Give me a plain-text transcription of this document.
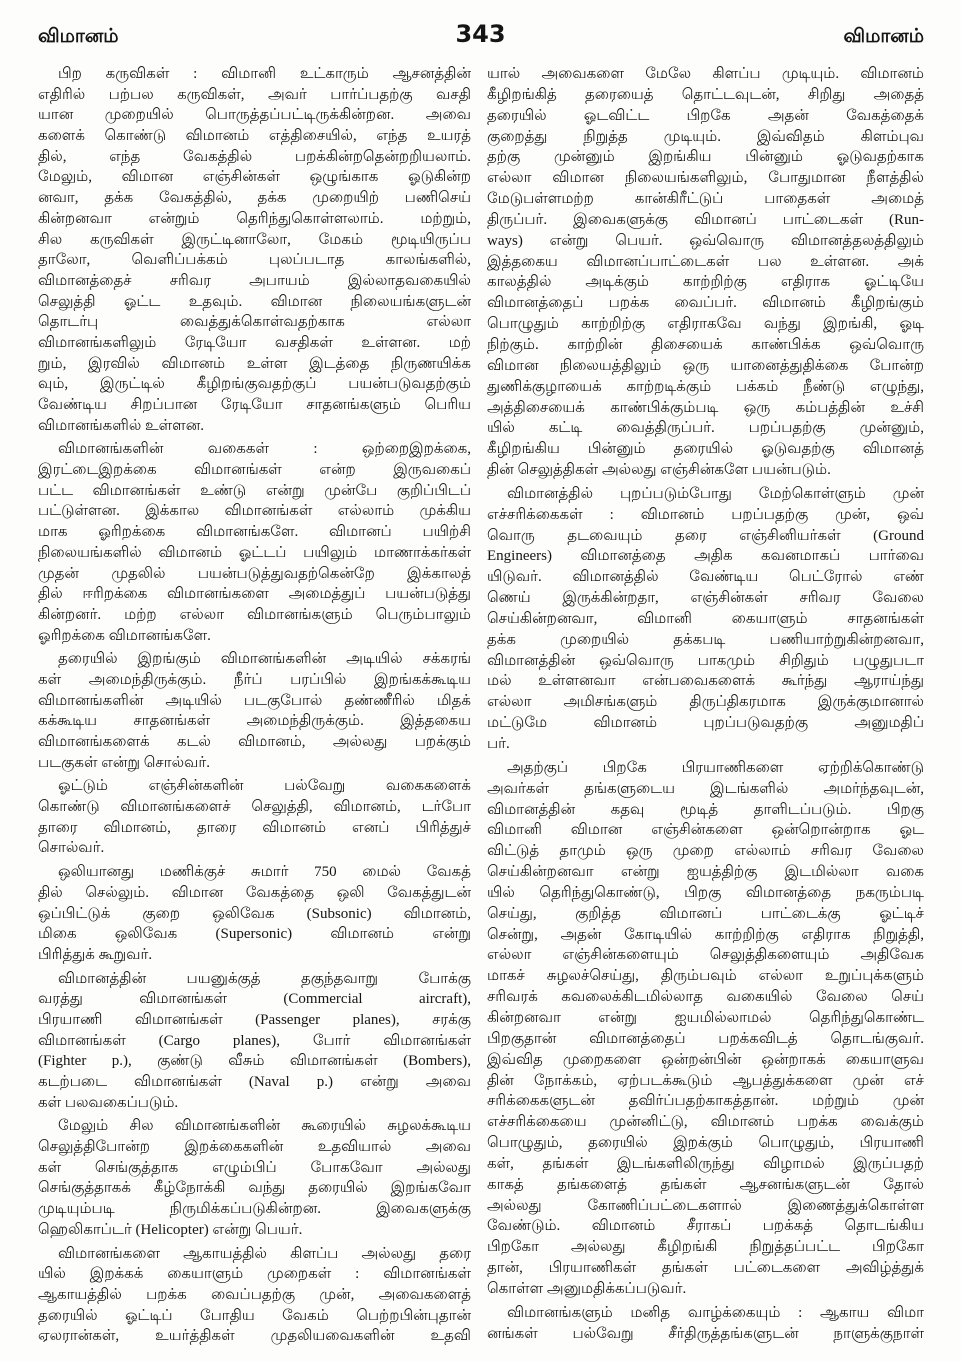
விமானம்	343	விமானம்
பிற கருவிகள் : விமானி உட்காரும் ஆசனத்தின்
எதிரில் பற்பல கருவிகள், அவர் பார்ப்பதற்கு வசதி
யான முறையில் பொருத்தப்பட்டிருக்கின்றன. அவை
களைக் கொண்டு விமானம் எத்திசையில், எந்த உயரத்
தில், எந்த வேகத்தில் பறக்கின்றதென்றறியலாம்.
மேலும், விமான எஞ்சின்கள் ஒழுங்காக ஓடுகின்ற
னவா, தக்க வேகத்தில், தக்க முறையிற் பணிசெய்
கின்றனவா என்றும் தெரிந்துகொள்ளலாம். மற்றும்,
சில கருவிகள் இருட்டினாலோ, மேகம் மூடியிருப்ப
தாலோ, வெளிப்பக்கம் புலப்படாத காலங்களில்,
விமானத்தைச் சரிவர அபாயம் இல்லாதவகையில்
செலுத்தி ஓட்ட உதவும். விமான நிலையங்களுடன்
தொடர்பு வைத்துக்கொள்வதற்காக எல்லா
விமானங்களிலும் ரேடியோ வசதிகள் உள்ளன. மற்
றும், இரவில் விமானம் உள்ள இடத்தை நிருணயிக்க
வும், இருட்டில் கீழிறங்குவதற்குப் பயன்படுவதற்கும்
வேண்டிய சிறப்பான ரேடியோ சாதனங்களும் பெரிய
விமானங்களில் உள்ளன.
விமானங்களின் வகைகள் : ஒற்றைஇறக்கை,
இரட்டைஇறக்கை விமானங்கள் என்ற இருவகைப்
பட்ட விமானங்கள் உண்டு என்று முன்பே குறிப்பிடப்
பட்டுள்ளன. இக்கால விமானங்கள் எல்லாம் முக்கிய
மாக ஓரிறக்கை விமானங்களே. விமானப் பயிற்சி
நிலையங்களில் விமானம் ஓட்டப் பயிலும் மாணாக்கர்கள்
முதன் முதலில் பயன்படுத்துவதற்கென்றே இக்காலத்
தில் ஈரிறக்கை விமானங்களை அமைத்துப் பயன்படுத்து
கின்றனர். மற்ற எல்லா விமானங்களும் பெரும்பாலும்
ஓரிறக்கை விமானங்களே.
தரையில் இறங்கும் விமானங்களின் அடியில் சக்கரங்
கள் அமைந்திருக்கும். நீர்ப் பரப்பில் இறங்கக்கூடிய
விமானங்களின் அடியில் படகுபோல் தண்ணீரில் மிதக்
கக்கூடிய சாதனங்கள் அமைந்திருக்கும். இத்தகைய
விமானங்களைக் கடல் விமானம், அல்லது பறக்கும்
படகுகள் என்று சொல்வர்.
ஓட்டும் எஞ்சின்களின் பல்வேறு வகைகளைக்
கொண்டு விமானங்களைச் செலுத்தி, விமானம், டர்போ
தாரை விமானம், தாரை விமானம் எனப் பிரித்துச்
சொல்வர்.
ஒலியானது மணிக்குச் சுமார் 750 மைல் வேகத்
தில் செல்லும். விமான வேகத்தை ஒலி வேகத்துடன்
ஒப்பிட்டுக் குறை ஒலிவேக (Subsonic) விமானம்,
மிகை ஒலிவேக (Supersonic) விமானம் என்று
பிரித்துக் கூறுவர்.
விமானத்தின் பயனுக்குத் தகுந்தவாறு போக்கு
வரத்து விமானங்கள் (Commercial aircraft),
பிரயாணி விமானங்கள் (Passenger planes), சரக்கு
விமானங்கள் (Cargo planes), போர் விமானங்கள்
(Fighter p.), குண்டு வீசும் விமானங்கள் (Bombers),
கடற்படை விமானங்கள் (Naval p.) என்று அவை
கள் பலவகைப்படும்.
மேலும் சில விமானங்களின் கூரையில் சுழலக்கூடிய
செலுத்திபோன்ற இறக்கைகளின் உதவியால் அவை
கள் செங்குத்தாக எழும்பிப் போகவோ அல்லது
செங்குத்தாகக் கீழ்நோக்கி வந்து தரையில் இறங்கவோ
முடியும்படி நிருமிக்கப்படுகின்றன. இவைகளுக்கு
ஹெலிகாப்டர் (Helicopter) என்று பெயர்.
விமானங்களை ஆகாயத்தில் கிளப்ப அல்லது தரை
யில் இறக்கக் கையாளும் முறைகள் : விமானங்கள்
ஆகாயத்தில் பறக்க வைப்பதற்கு முன், அவைகளைத்
தரையில் ஓட்டிப் போதிய வேகம் பெற்றபின்புதான்
ஏலரான்கள், உயர்த்திகள் முதலியவைகளின் உதவி
யால் அவைகளை மேலே கிளப்ப முடியும். விமானம்
கீழிறங்கித் தரையைத் தொட்டவுடன், சிறிது அதைத்
தரையில் ஓடவிட்ட பிறகே அதன் வேகத்தைக்
குறைத்து நிறுத்த முடியும். இவ்விதம் கிளம்புவ
தற்கு முன்னும் இறங்கிய பின்னும் ஓடுவதற்காக
எல்லா விமான நிலையங்களிலும், போதுமான நீளத்தில்
மேடுபள்ளமற்ற கான்கிரீட்டுப் பாதைகள் அமைத்
திருப்பர். இவைகளுக்கு விமானப் பாட்டைகள் (Run-
ways) என்று பெயர். ஒவ்வொரு விமானத்தலத்திலும்
இத்தகைய விமானப்பாட்டைகள் பல உள்ளன. அக்
காலத்தில் அடிக்கும் காற்றிற்கு எதிராக ஓட்டியே
விமானத்தைப் பறக்க வைப்பர். விமானம் கீழிறங்கும்
பொழுதும் காற்றிற்கு எதிராகவே வந்து இறங்கி, ஓடி
நிற்கும். காற்றின் திசையைக் காண்பிக்க ஒவ்வொரு
விமான நிலையத்திலும் ஒரு யானைத்துதிக்கை போன்ற
துணிக்குழாயைக் காற்றடிக்கும் பக்கம் நீண்டு எழுந்து,
அத்திசையைக் காண்பிக்கும்படி ஒரு கம்பத்தின் உச்சி
யில் கட்டி வைத்திருப்பர். பறப்பதற்கு முன்னும்,
கீழிறங்கிய பின்னும் தரையில் ஓடுவதற்கு விமானத்
தின் செலுத்திகள் அல்லது எஞ்சின்களே பயன்படும்.
விமானத்தில் புறப்படும்போது மேற்கொள்ளும் முன்
எச்சரிக்கைகள் : விமானம் பறப்பதற்கு முன், ஒவ்
வொரு தடவையும் தரை எஞ்சினியர்கள் (Ground
Engineers) விமானத்தை அதிக கவனமாகப் பார்வை
யிடுவர். விமானத்தில் வேண்டிய பெட்ரோல் எண்
ணெய் இருக்கின்றதா, எஞ்சின்கள் சரிவர வேலை
செய்கின்றனவா, விமானி கையாளும் சாதனங்கள்
தக்க முறையில் தக்கபடி பணியாற்றுகின்றனவா,
விமானத்தின் ஒவ்வொரு பாகமும் சிறிதும் பழுதுபடா
மல் உள்ளனவா என்பவைகளைக் கூர்ந்து ஆராய்ந்து
எல்லா அமிசங்களும் திருப்திகரமாக இருக்குமானால்
மட்டுமே விமானம் புறப்படுவதற்கு அனுமதிப்
பர்.
அதற்குப் பிறகே பிரயாணிகளை ஏற்றிக்கொண்டு
அவர்கள் தங்களுடைய இடங்களில் அமர்ந்தவுடன்,
விமானத்தின் கதவு மூடித் தாளிடப்படும். பிறகு
விமானி விமான எஞ்சின்களை ஒன்றொன்றாக ஓட
விட்டுத் தாமும் ஒரு முறை எல்லாம் சரிவர வேலை
செய்கின்றனவா என்று ஐயத்திற்கு இடமில்லா வகை
யில் தெரிந்துகொண்டு, பிறகு விமானத்தை நகரும்படி
செய்து, குறித்த விமானப் பாட்டைக்கு ஓட்டிச்
சென்று, அதன் கோடியில் காற்றிற்கு எதிராக நிறுத்தி,
எல்லா எஞ்சின்களையும் செலுத்திகளையும் அதிவேக
மாகச் சுழலச்செய்து, திரும்பவும் எல்லா உறுப்புக்களும்
சரிவரக் கவலைக்கிடமில்லாத வகையில் வேலை செய்
கின்றனவா என்று ஐயமில்லாமல் தெரிந்துகொண்ட
பிறகுதான் விமானத்தைப் பறக்கவிடத் தொடங்குவர்.
இவ்வித முறைகளை ஒன்றன்பின் ஒன்றாகக் கையாளுவ
தின் நோக்கம், ஏற்படக்கூடும் ஆபத்துக்களை முன் எச்
சரிக்கைகளுடன் தவிர்ப்பதற்காகத்தான். மற்றும் முன்
எச்சரிக்கையை முன்னிட்டு, விமானம் பறக்க வைக்கும்
பொழுதும், தரையில் இறக்கும் பொழுதும், பிரயாணி
கள், தங்கள் இடங்களிலிருந்து விழாமல் இருப்பதற்
காகத் தங்களைத் தங்கள் ஆசனங்களுடன் தோல்
அல்லது கோணிப்பட்டைகளால் இணைத்துக்கொள்ள
வேண்டும். விமானம் சீராகப் பறக்கத் தொடங்கிய
பிறகோ அல்லது கீழிறங்கி நிறுத்தப்பட்ட பிறகோ
தான், பிரயாணிகள் தங்கள் பட்டைகளை அவிழ்த்துக்
கொள்ள அனுமதிக்கப்படுவர்.
விமானங்களும் மனித வாழ்க்கையும் : ஆகாய விமா
னங்கள் பல்வேறு சீர்திருத்தங்களுடன் நாளுக்குநாள்
